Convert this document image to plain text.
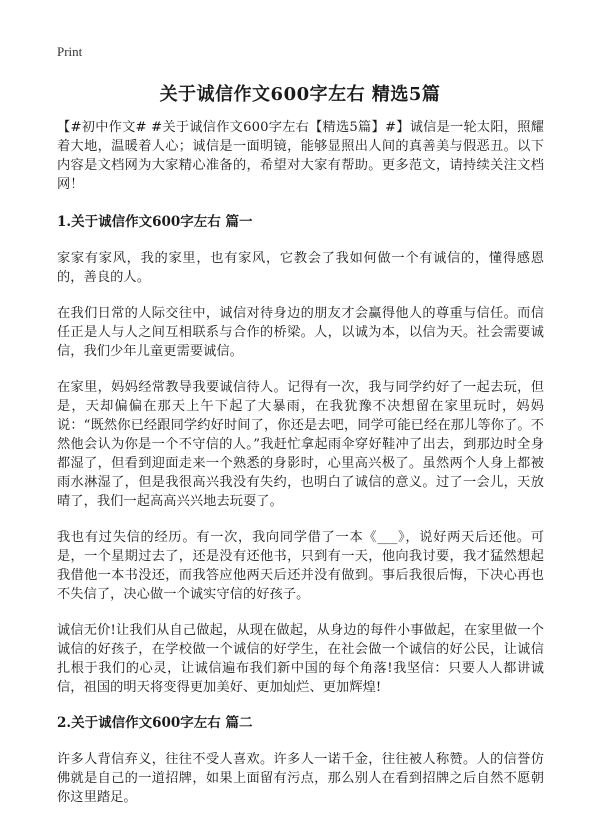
Print
关于诚信作文600字左右 精选5篇

【#初中作文# #关于诚信作文600字左右【精选5篇】#】诚信是一轮太阳，照耀着大地，温暖着人心；诚信是一面明镜，能够显照出人间的真善美与假恶丑。以下内容是文档网为大家精心准备的，希望对大家有帮助。更多范文，请持续关注文档网！

1.关于诚信作文600字左右 篇一

家家有家风，我的家里，也有家风，它教会了我如何做一个有诚信的，懂得感恩的，善良的人。

在我们日常的人际交往中，诚信对待身边的朋友才会赢得他人的尊重与信任。而信任正是人与人之间互相联系与合作的桥梁。人，以诚为本，以信为天。社会需要诚信，我们少年儿童更需要诚信。

在家里，妈妈经常教导我要诚信待人。记得有一次，我与同学约好了一起去玩，但是，天却偏偏在那天上午下起了大暴雨，在我犹豫不决想留在家里玩时，妈妈说：“既然你已经跟同学约好时间了，你还是去吧，同学可能已经在那儿等你了。不然他会认为你是一个不守信的人。”我赶忙拿起雨伞穿好鞋冲了出去，到那边时全身都湿了，但看到迎面走来一个熟悉的身影时，心里高兴极了。虽然两个人身上都被雨水淋湿了，但是我很高兴我没有失约，也明白了诚信的意义。过了一会儿，天放晴了，我们一起高高兴兴地去玩耍了。

我也有过失信的经历。有一次，我向同学借了一本《___》，说好两天后还他。可是，一个星期过去了，还是没有还他书，只到有一天，他向我讨要，我才猛然想起我借他一本书没还，而我答应他两天后还并没有做到。事后我很后悔，下决心再也不失信了，决心做一个诚实守信的好孩子。

诚信无价!让我们从自己做起，从现在做起，从身边的每件小事做起，在家里做一个诚信的好孩子，在学校做一个诚信的好学生，在社会做一个诚信的好公民，让诚信扎根于我们的心灵，让诚信遍布我们新中国的每个角落!我坚信：只要人人都讲诚信，祖国的明天将变得更加美好、更加灿烂、更加辉煌!

2.关于诚信作文600字左右 篇二

许多人背信弃义，往往不受人喜欢。许多人一诺千金，往往被人称赞。人的信誉仿佛就是自己的一道招牌，如果上面留有污点，那么别人在看到招牌之后自然不愿朝你这里踏足。
